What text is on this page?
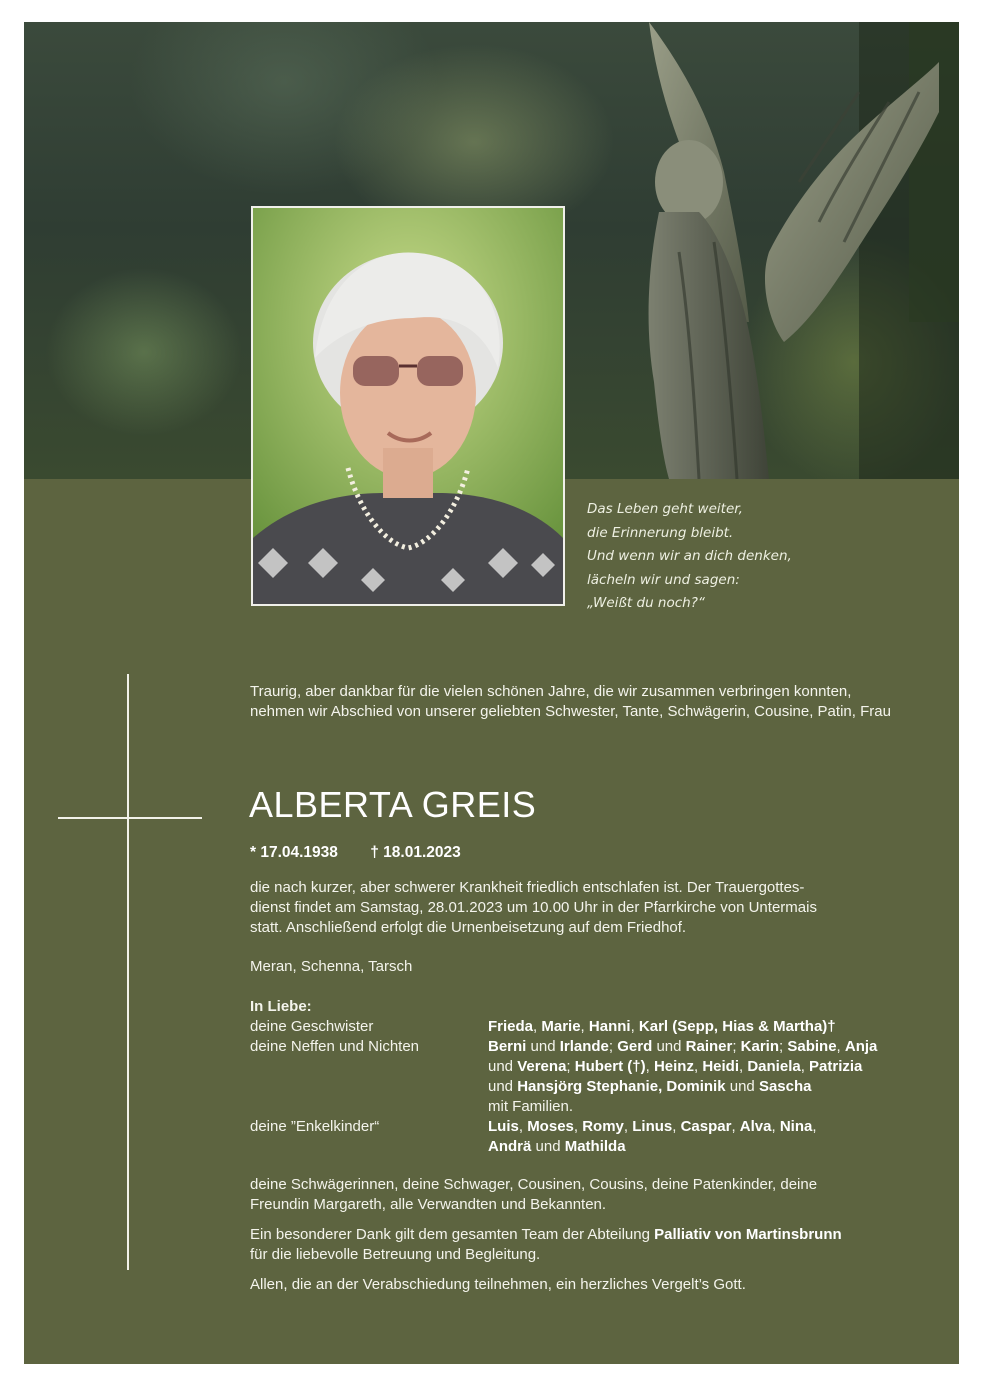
Das Leben geht weiter,
die Erinnerung bleibt.
Und wenn wir an dich denken,
lächeln wir und sagen:
„Weißt du noch?“

Traurig, aber dankbar für die vielen schönen Jahre, die wir zusammen verbringen konnten,
nehmen wir Abschied von unserer geliebten Schwester, Tante, Schwägerin, Cousine, Patin, Frau

ALBERTA GREIS
* 17.04.1938 † 18.01.2023
die nach kurzer, aber schwerer Krankheit friedlich entschlafen ist. Der Trauergottes-
dienst findet am Samstag, 28.01.2023 um 10.00 Uhr in der Pfarrkirche von Untermais
statt. Anschließend erfolgt die Urnenbeisetzung auf dem Friedhof.
Meran, Schenna, Tarsch
In Liebe:
deine Geschwister	Frieda, Marie, Hanni, Karl (Sepp, Hias & Martha)†
deine Neffen und Nichten	Berni und Irlande; Gerd und Rainer; Karin; Sabine, Anja
und Verena; Hubert (†), Heinz, Heidi, Daniela, Patrizia
und Hansjörg Stephanie, Dominik und Sascha
mit Familien.
deine ”Enkelkinder“	Luis, Moses, Romy, Linus, Caspar, Alva, Nina,
Andrä und Mathilda
deine Schwägerinnen, deine Schwager, Cousinen, Cousins, deine Patenkinder, deine
Freundin Margareth, alle Verwandten und Bekannten.
Ein besonderer Dank gilt dem gesamten Team der Abteilung Palliativ von Martinsbrunn
für die liebevolle Betreuung und Begleitung.
Allen, die an der Verabschiedung teilnehmen, ein herzliches Vergelt’s Gott.
